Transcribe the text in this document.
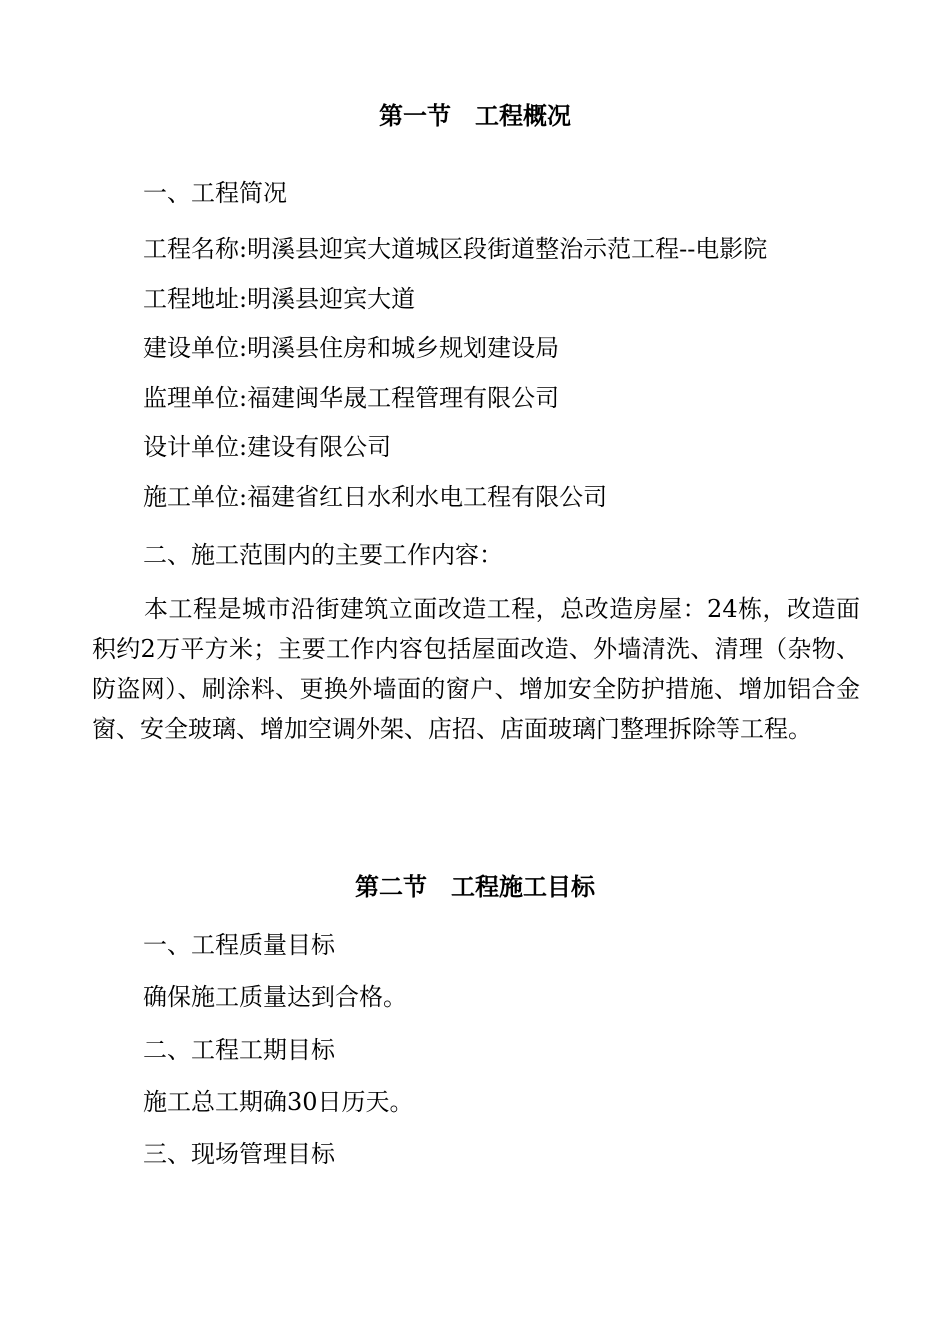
第一节　工程概况
一、工程简况
工程名称:明溪县迎宾大道城区段街道整治示范工程--电影院
工程地址:明溪县迎宾大道
建设单位:明溪县住房和城乡规划建设局
监理单位:福建闽华晟工程管理有限公司
设计单位:建设有限公司
施工单位:福建省红日水利水电工程有限公司
二、施工范围内的主要工作内容：
本工程是城市沿街建筑立面改造工程，总改造房屋：24栋，改造面积约2万平方米；主要工作内容包括屋面改造、外墙清洗、清理（杂物、防盗网）、刷涂料、更换外墙面的窗户、增加安全防护措施、增加铝合金窗、安全玻璃、增加空调外架、店招、店面玻璃门整理拆除等工程。
第二节　工程施工目标
一、工程质量目标
确保施工质量达到合格。
二、工程工期目标
施工总工期确30日历天。
三、现场管理目标
